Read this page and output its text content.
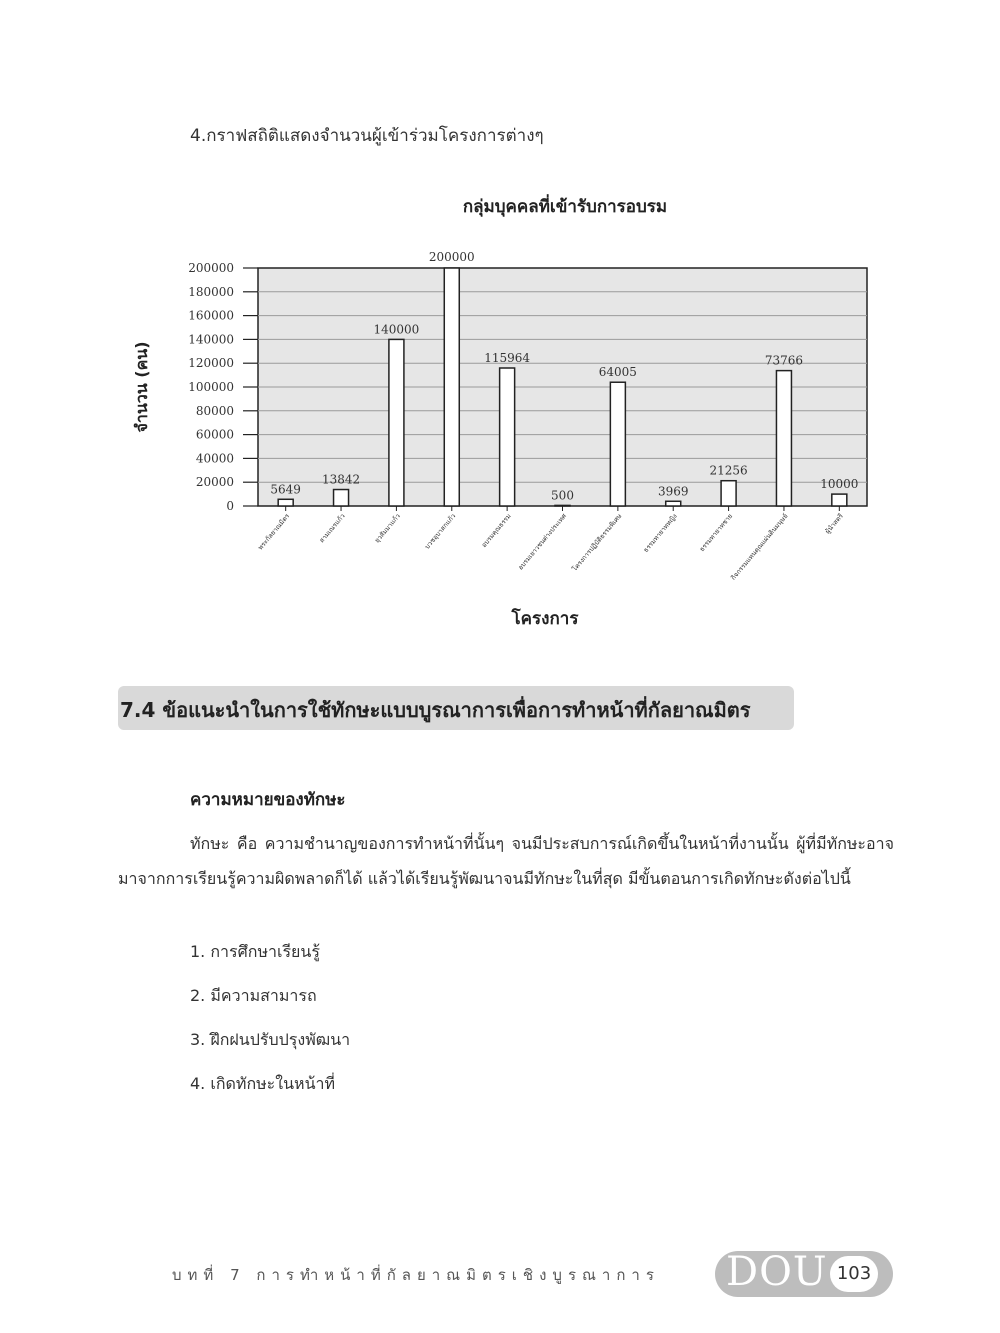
4.กราฟสถิติแสดงจำนวนผู้เข้าร่วมโครงการต่างๆ
กลุ่มบุคคลที่เข้ารับการอบรม
0
20000
40000
60000
80000
100000
120000
140000
160000
180000
200000
5649
13842
140000
200000
115964
500
64005
3969
21256
73766
10000
พระกัลยาณมิตร	สามเณรแก้ว	ยุวสัมมาแก้ว	บวชอุบาสกแก้ว	อบรมคุณธรรม อบรมเยาวชนต่างประเทศ โครงการปฏิบัติธรรมพิเศษ	ธรรมทายาทหญิง	ธรรมทายาทชาย
กิจกรรมแทนคุณแผ่นดินมนุษย์	ผู้นำสตรี
จำนวน (คน)
โครงการ
7.4 ข้อแนะนำในการใช้ทักษะแบบบูรณาการเพื่อการทำหน้าที่กัลยาณมิตร
ความหมายของทักษะ
ทักษะ คือ ความชำนาญของการทำหน้าที่นั้นๆ จนมีประสบการณ์เกิดขึ้นในหน้าที่งานนั้น ผู้ที่มีทักษะอาจมาจากการเรียนรู้ความผิดพลาดก็ได้ แล้วได้เรียนรู้พัฒนาจนมีทักษะในที่สุด มีขั้นตอนการเกิดทักษะดังต่อไปนี้
1. การศึกษาเรียนรู้
2. มีความสามารถ
3. ฝึกฝนปรับปรุงพัฒนา
4. เกิดทักษะในหน้าที่
บทที่ 7 การทำหน้าที่กัลยาณมิตรเชิงบูรณาการ DOU 103
